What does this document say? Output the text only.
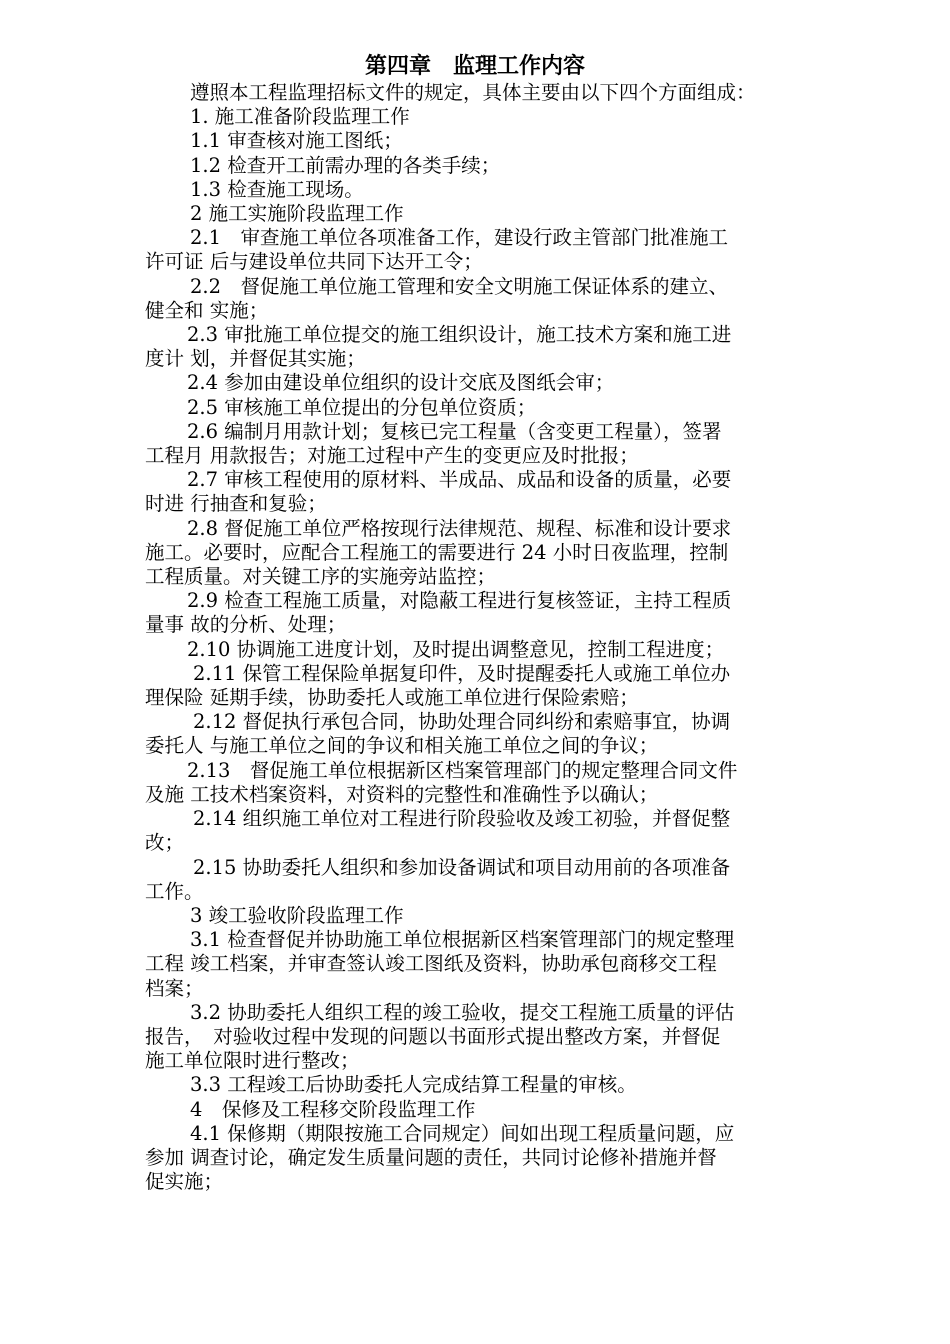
第四章　监理工作内容

遵照本工程监理招标文件的规定，具体主要由以下四个方面组成：

1. 施工准备阶段监理工作

1.1 审查核对施工图纸；

1.2 检查开工前需办理的各类手续；

1.3 检查施工现场。

2 施工实施阶段监理工作

2.1　审查施工单位各项准备工作，建设行政主管部门批准施工

许可证 后与建设单位共同下达开工令；

2.2　督促施工单位施工管理和安全文明施工保证体系的建立、

健全和 实施；

2.3 审批施工单位提交的施工组织设计，施工技术方案和施工进

度计 划，并督促其实施；

2.4 参加由建设单位组织的设计交底及图纸会审；

2.5 审核施工单位提出的分包单位资质；

2.6 编制月用款计划；复核已完工程量（含变更工程量），签署

工程月 用款报告；对施工过程中产生的变更应及时批报；

2.7 审核工程使用的原材料、半成品、成品和设备的质量，必要

时进 行抽查和复验；

2.8 督促施工单位严格按现行法律规范、规程、标准和设计要求

施工。必要时，应配合工程施工的需要进行 24 小时日夜监理，控制

工程质量。对关键工序的实施旁站监控；

2.9 检查工程施工质量，对隐蔽工程进行复核签证，主持工程质

量事 故的分析、处理；

2.10 协调施工进度计划，及时提出调整意见，控制工程进度；

2.11 保管工程保险单据复印件，及时提醒委托人或施工单位办

理保险 延期手续，协助委托人或施工单位进行保险索赔；

2.12 督促执行承包合同，协助处理合同纠纷和索赔事宜，协调

委托人 与施工单位之间的争议和相关施工单位之间的争议；

2.13　督促施工单位根据新区档案管理部门的规定整理合同文件

及施 工技术档案资料，对资料的完整性和准确性予以确认；

2.14 组织施工单位对工程进行阶段验收及竣工初验，并督促整

改；

2.15 协助委托人组织和参加设备调试和项目动用前的各项准备

工作。

3 竣工验收阶段监理工作

3.1 检查督促并协助施工单位根据新区档案管理部门的规定整理

工程 竣工档案，并审查签认竣工图纸及资料，协助承包商移交工程

档案；

3.2 协助委托人组织工程的竣工验收，提交工程施工质量的评估

报告，　对验收过程中发现的问题以书面形式提出整改方案，并督促

施工单位限时进行整改；

3.3 工程竣工后协助委托人完成结算工程量的审核。

4　保修及工程移交阶段监理工作

4.1 保修期（期限按施工合同规定）间如出现工程质量问题，应

参加 调查讨论，确定发生质量问题的责任，共同讨论修补措施并督

促实施；
